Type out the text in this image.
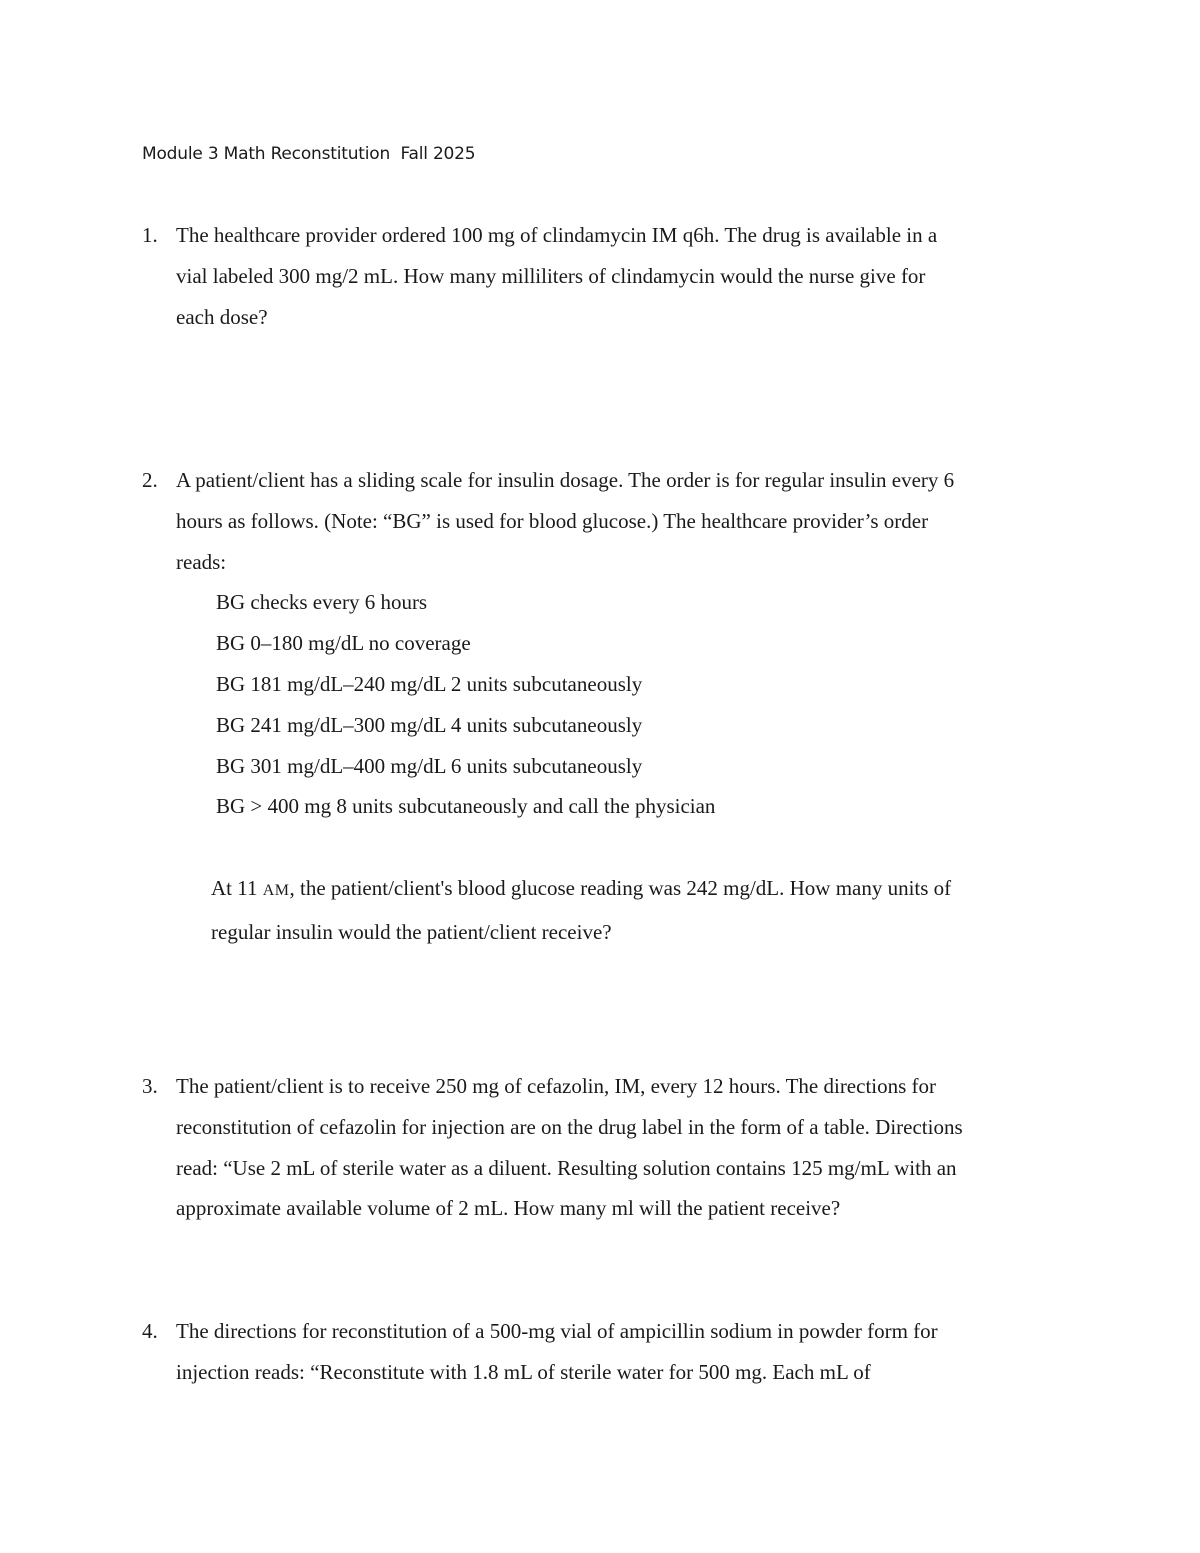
Module 3 Math Reconstitution  Fall 2025
1. The healthcare provider ordered 100 mg of clindamycin IM q6h. The drug is available in a
vial labeled 300 mg/2 mL. How many milliliters of clindamycin would the nurse give for
each dose?
2. A patient/client has a sliding scale for insulin dosage. The order is for regular insulin every 6
hours as follows. (Note: “BG” is used for blood glucose.) The healthcare provider’s order
reads:
BG checks every 6 hours
BG 0–180 mg/dL no coverage
BG 181 mg/dL–240 mg/dL 2 units subcutaneously
BG 241 mg/dL–300 mg/dL 4 units subcutaneously
BG 301 mg/dL–400 mg/dL 6 units subcutaneously
BG > 400 mg 8 units subcutaneously and call the physician
At 11 AM, the patient/client's blood glucose reading was 242 mg/dL. How many units of
regular insulin would the patient/client receive?
3. The patient/client is to receive 250 mg of cefazolin, IM, every 12 hours. The directions for
reconstitution of cefazolin for injection are on the drug label in the form of a table. Directions
read: “Use 2 mL of sterile water as a diluent. Resulting solution contains 125 mg/mL with an
approximate available volume of 2 mL. How many ml will the patient receive?
4. The directions for reconstitution of a 500-mg vial of ampicillin sodium in powder form for
injection reads: “Reconstitute with 1.8 mL of sterile water for 500 mg. Each mL of
